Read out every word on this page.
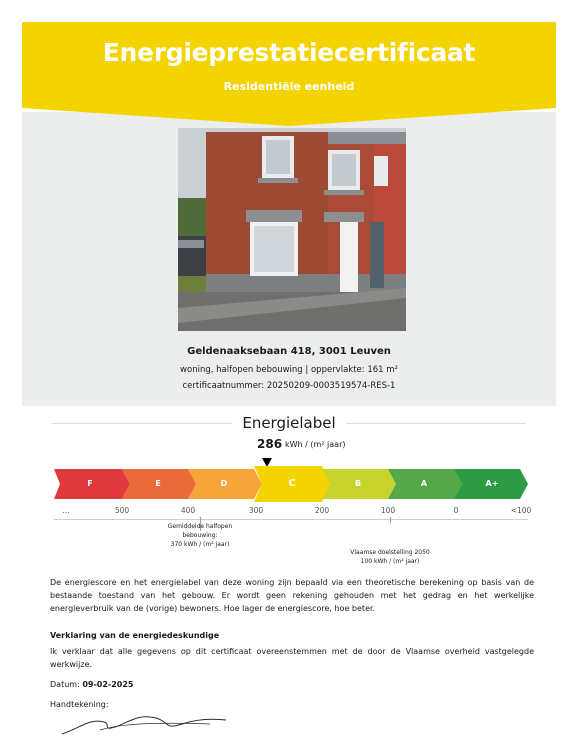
Energieprestatiecertificaat
Residentiële eenheid
Geldenaaksebaan 418, 3001 Leuven
woning, halfopen bebouwing | oppervlakte: 161 m²
certificaatnummer: 20250209-0003519574-RES-1
Energielabel
286 kWh / (m² jaar)
F	E	D	C	B	A	A+
...	500	400	300	200	100	0	<100
Gemiddelde halfopen bebouwing:
370 kWh / (m² jaar)
Vlaamse doelstelling 2050
100 kWh / (m² jaar)
De energiescore en het energielabel van deze woning zijn bepaald via een theoretische berekening op basis van de bestaande toestand van het gebouw. Er wordt geen rekening gehouden met het gedrag en het werkelijke energieverbruik van de (vorige) bewoners. Hoe lager de energiescore, hoe beter.
Verklaring van de energiedeskundige
Ik verklaar dat alle gegevens op dit certificaat overeenstemmen met de door de Vlaamse overheid vastgelegde werkwijze.
Datum: 09-02-2025
Handtekening:
